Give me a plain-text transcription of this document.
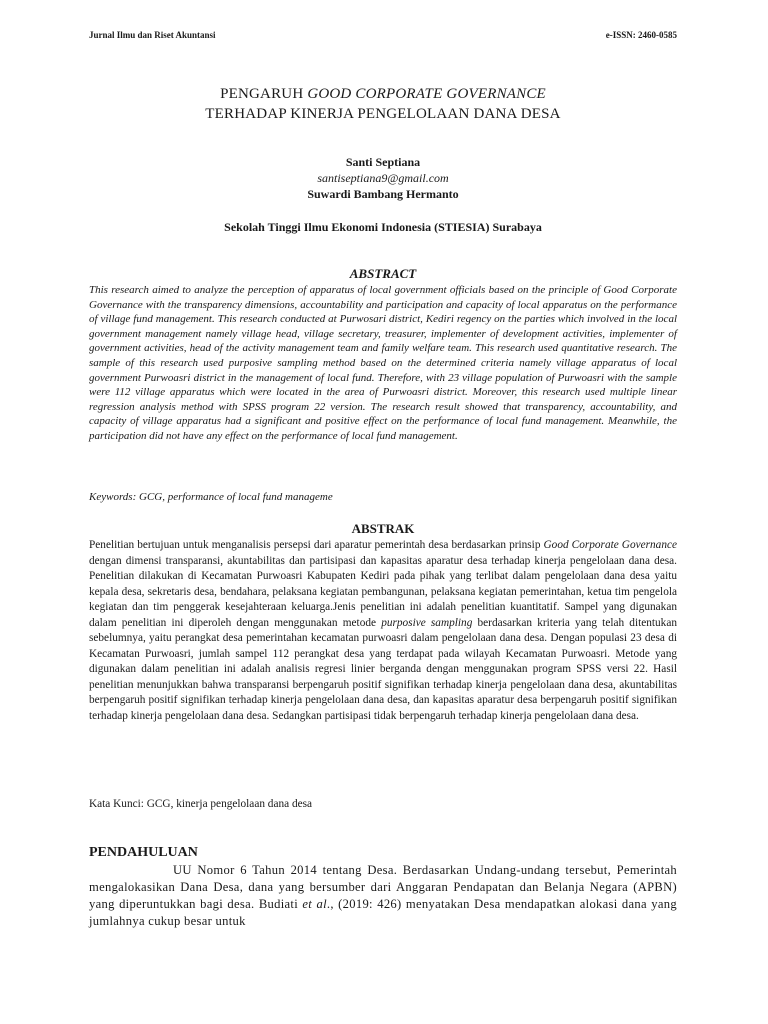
Jurnal Ilmu dan Riset Akuntansi	e-ISSN: 2460-0585
PENGARUH GOOD CORPORATE GOVERNANCE
TERHADAP KINERJA PENGELOLAAN DANA DESA
Santi Septiana
santiseptiana9@gmail.com
Suwardi Bambang Hermanto
Sekolah Tinggi Ilmu Ekonomi Indonesia (STIESIA) Surabaya
ABSTRACT

This research aimed to analyze the perception of apparatus of local government officials based on the principle of Good Corporate Governance with the transparency dimensions, accountability and participation and capacity of local apparatus on the performance of village fund management. This research conducted at Purwosari district, Kediri regency on the parties which involved in the local government management namely village head, village secretary, treasurer, implementer of development activities, implementer of government activities, head of the activity management team and family welfare team. This research used quantitative research. The sample of this research used purposive sampling method based on the determined criteria namely village apparatus of local government Purwoasri district in the management of local fund. Therefore, with 23 village population of Purwoasri with the sample were 112 village apparatus which were located in the area of Purwoasri district. Moreover, this research used multiple linear regression analysis method with SPSS program 22 version. The research result showed that transparency, accountability, and capacity of village apparatus had a significant and positive effect on the performance of local fund management. Meanwhile, the participation did not have any effect on the performance of local fund management.

Keywords: GCG, performance of local fund manageme
ABSTRAK

Penelitian bertujuan untuk menganalisis persepsi dari aparatur pemerintah desa berdasarkan prinsip Good Corporate Governance dengan dimensi transparansi, akuntabilitas dan partisipasi dan kapasitas aparatur desa terhadap kinerja pengelolaan dana desa. Penelitian dilakukan di Kecamatan Purwoasri Kabupaten Kediri pada pihak yang terlibat dalam pengelolaan dana desa yaitu kepala desa, sekretaris desa, bendahara, pelaksana kegiatan pembangunan, pelaksana kegiatan pemerintahan, ketua tim pengelola kegiatan dan tim penggerak kesejahteraan keluarga.Jenis penelitian ini adalah penelitian kuantitatif. Sampel yang digunakan dalam penelitian ini diperoleh dengan menggunakan metode purposive sampling berdasarkan kriteria yang telah ditentukan sebelumnya, yaitu perangkat desa pemerintahan kecamatan purwoasri dalam pengelolaan dana desa. Dengan populasi 23 desa di Kecamatan Purwoasri, jumlah sampel 112 perangkat desa yang terdapat pada wilayah Kecamatan Purwoasri. Metode yang digunakan dalam penelitian ini adalah analisis regresi linier berganda dengan menggunakan program SPSS versi 22. Hasil penelitian menunjukkan bahwa transparansi berpengaruh positif signifikan terhadap kinerja pengelolaan dana desa, akuntabilitas berpengaruh positif signifikan terhadap kinerja pengelolaan dana desa, dan kapasitas aparatur desa berpengaruh positif signifikan terhadap kinerja pengelolaan dana desa. Sedangkan partisipasi tidak berpengaruh terhadap kinerja pengelolaan dana desa.

Kata Kunci: GCG, kinerja pengelolaan dana desa
PENDAHULUAN

UU Nomor 6 Tahun 2014 tentang Desa. Berdasarkan Undang-undang tersebut, Pemerintah mengalokasikan Dana Desa, dana yang bersumber dari Anggaran Pendapatan dan Belanja Negara (APBN) yang diperuntukkan bagi desa. Budiati et al., (2019: 426) menyatakan Desa mendapatkan alokasi dana yang jumlahnya cukup besar untuk
